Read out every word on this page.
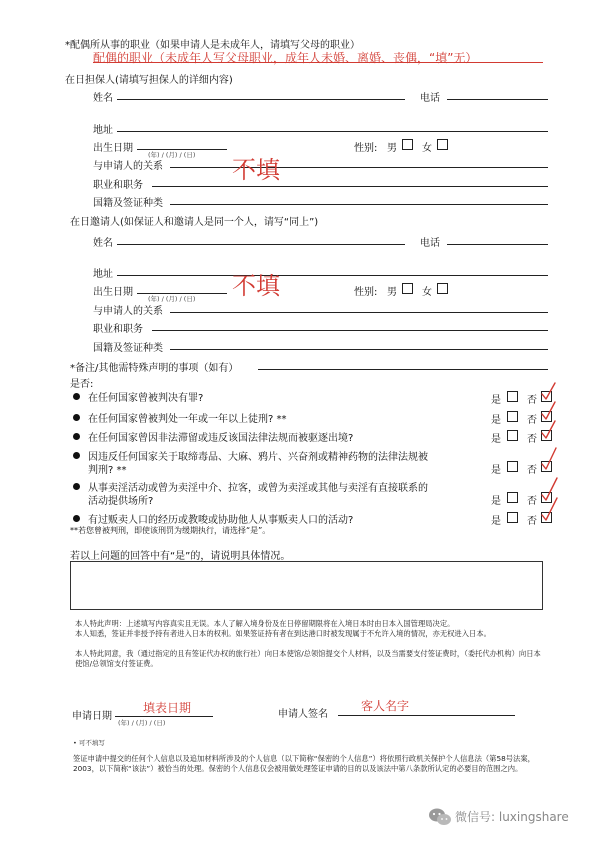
*配偶所从事的职业（如果申请人是未成年人，请填写父母的职业）
配偶的职业（未成年人写父母职业，成年人未婚、离婚、丧偶，“填”无）
在日担保人(请填写担保人的详细内容)
姓名	电话
地址
出生日期
(年) / (月) / (日)
性别: 男	女
与申请人的关系	不填
职业和职务
国籍及签证种类
在日邀请人(如保证人和邀请人是同一个人，请写“同上”)
姓名	电话
地址
出生日期
(年) / (月) / (日) 不填	性别: 男	女
与申请人的关系
职业和职务
国籍及签证种类
*备注/其他需特殊声明的事项（如有）
是否:
在任何国家曾被判决有罪?	是	否
在任何国家曾被判处一年或一年以上徒刑? **	是	否
在任何国家曾因非法滞留或违反该国法律法规而被驱逐出境?	是	否
因违反任何国家关于取缔毒品、大麻、鸦片、兴奋剂或精神药物的法律法规被
判刑? **	是	否
从事卖淫活动或曾为卖淫中介、拉客，或曾为卖淫或其他与卖淫有直接联系的
活动提供场所?	是	否
有过贩卖人口的经历或教唆或协助他人从事贩卖人口的活动?	是	否
**若您曾被判刑，即使该刑罚为缓期执行，请选择“是”。
若以上问题的回答中有“是”的，请说明具体情况。
本人特此声明：上述填写内容真实且无误。本人了解入境身份及在日停留期限将在入境日本时由日本入国管理局决定。
本人知悉，签证并非授予持有者进入日本的权利。如果签证持有者在到达港口时被发现属于不允许入境的情况，亦无权进入日本。
本人特此同意，我（通过指定的且有签证代办权的旅行社）向日本使馆/总领馆提交个人材料，以及当需要支付签证费时，（委托代办机构）向日本使馆/总领馆支付签证费。
申请日期
填表日期
(年) / (月) / (日)
申请人签名
客人名字
• 可不填写
签证申请中提交的任何个人信息以及追加材料所涉及的个人信息（以下简称“保密的个人信息”）将依照行政机关保护个人信息法（第58号法案，2003，以下简称“该法”）被恰当的处理。保密的个人信息仅会被用做处理签证申请的目的以及该法中第八条款所认定的必要目的范围之内。
微信号: luxingshare
